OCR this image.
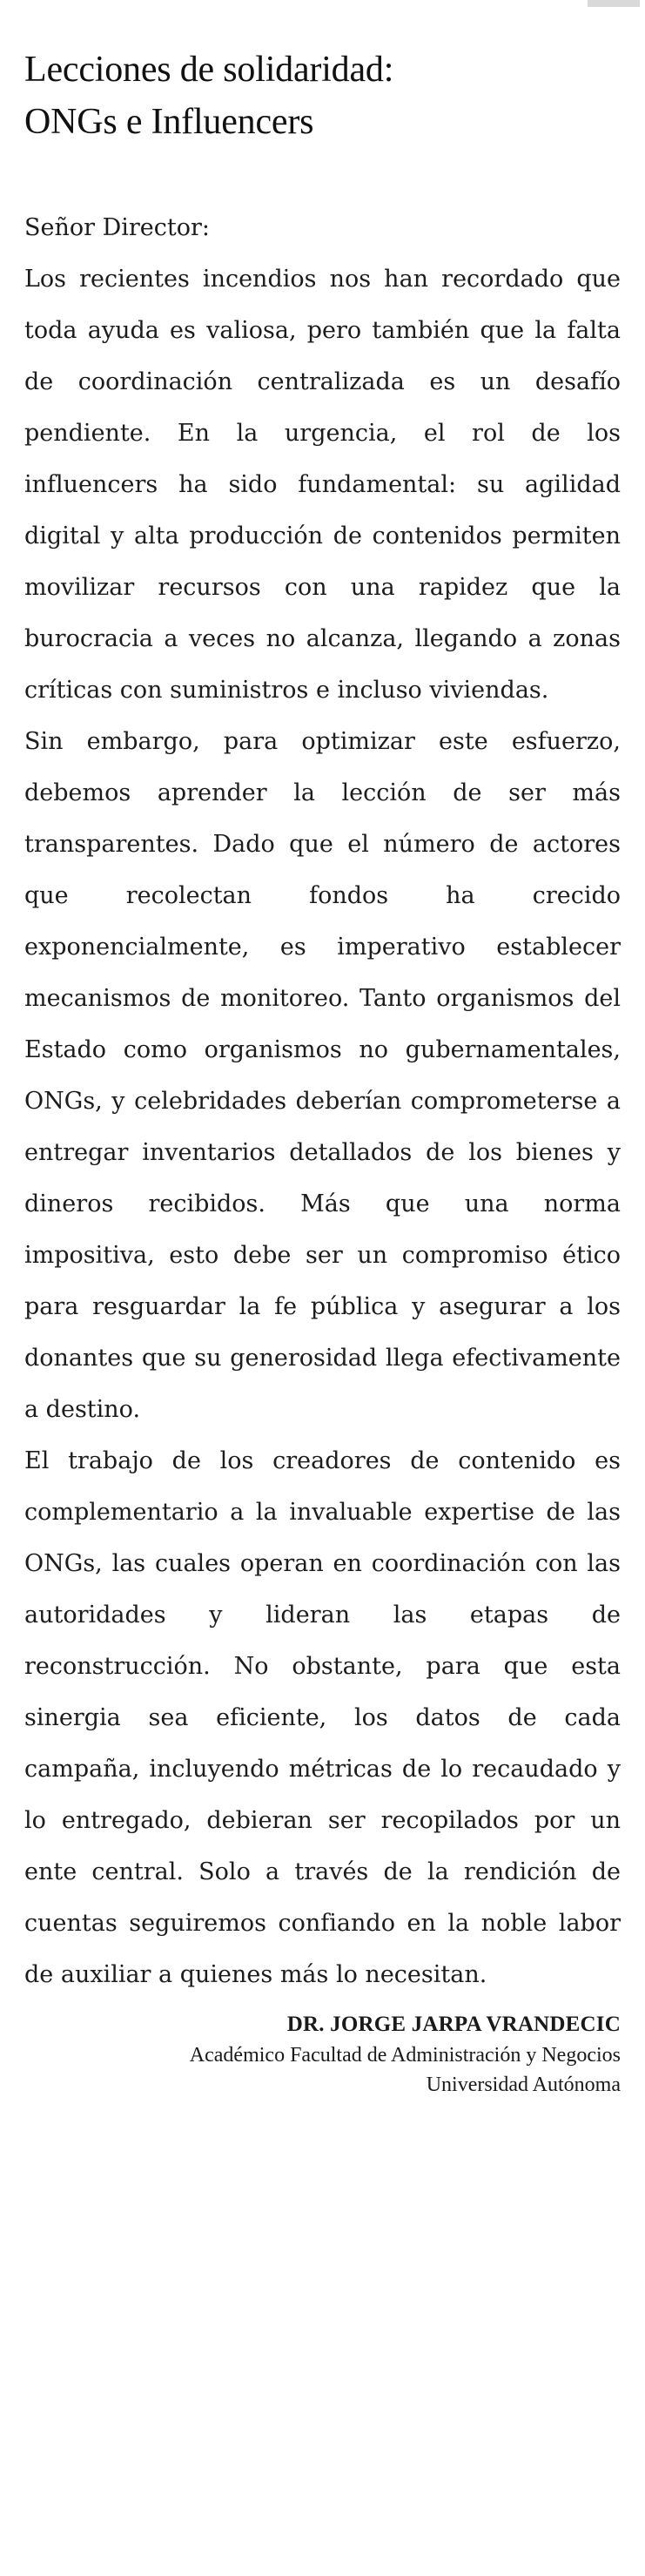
Lecciones de solidaridad:
ONGs e Influencers

Señor Director:

Los recientes incendios nos han recordado que toda ayuda es valiosa, pero también que la falta de coordinación centralizada es un desafío pendiente. En la urgencia, el rol de los influencers ha sido fundamental: su agilidad digital y alta producción de contenidos permiten movilizar recursos con una rapidez que la burocracia a veces no alcanza, llegando a zonas críticas con suministros e incluso viviendas.

Sin embargo, para optimizar este esfuerzo, debemos aprender la lección de ser más transparentes. Dado que el número de actores que recolectan fondos ha crecido exponencialmente, es imperativo establecer mecanismos de monitoreo. Tanto organismos del Estado como organismos no gubernamentales, ONGs, y celebridades deberían comprometerse a entregar inventarios detallados de los bienes y dineros recibidos. Más que una norma impositiva, esto debe ser un compromiso ético para resguardar la fe pública y asegurar a los donantes que su generosidad llega efectivamente a destino.

El trabajo de los creadores de contenido es complementario a la invaluable expertise de las ONGs, las cuales operan en coordinación con las autoridades y lideran las etapas de reconstrucción. No obstante, para que esta sinergia sea eficiente, los datos de cada campaña, incluyendo métricas de lo recaudado y lo entregado, debieran ser recopilados por un ente central. Solo a través de la rendición de cuentas seguiremos confiando en la noble labor de auxiliar a quienes más lo necesitan.

DR. JORGE JARPA VRANDECIC
Académico Facultad de Administración y Negocios
Universidad Autónoma
